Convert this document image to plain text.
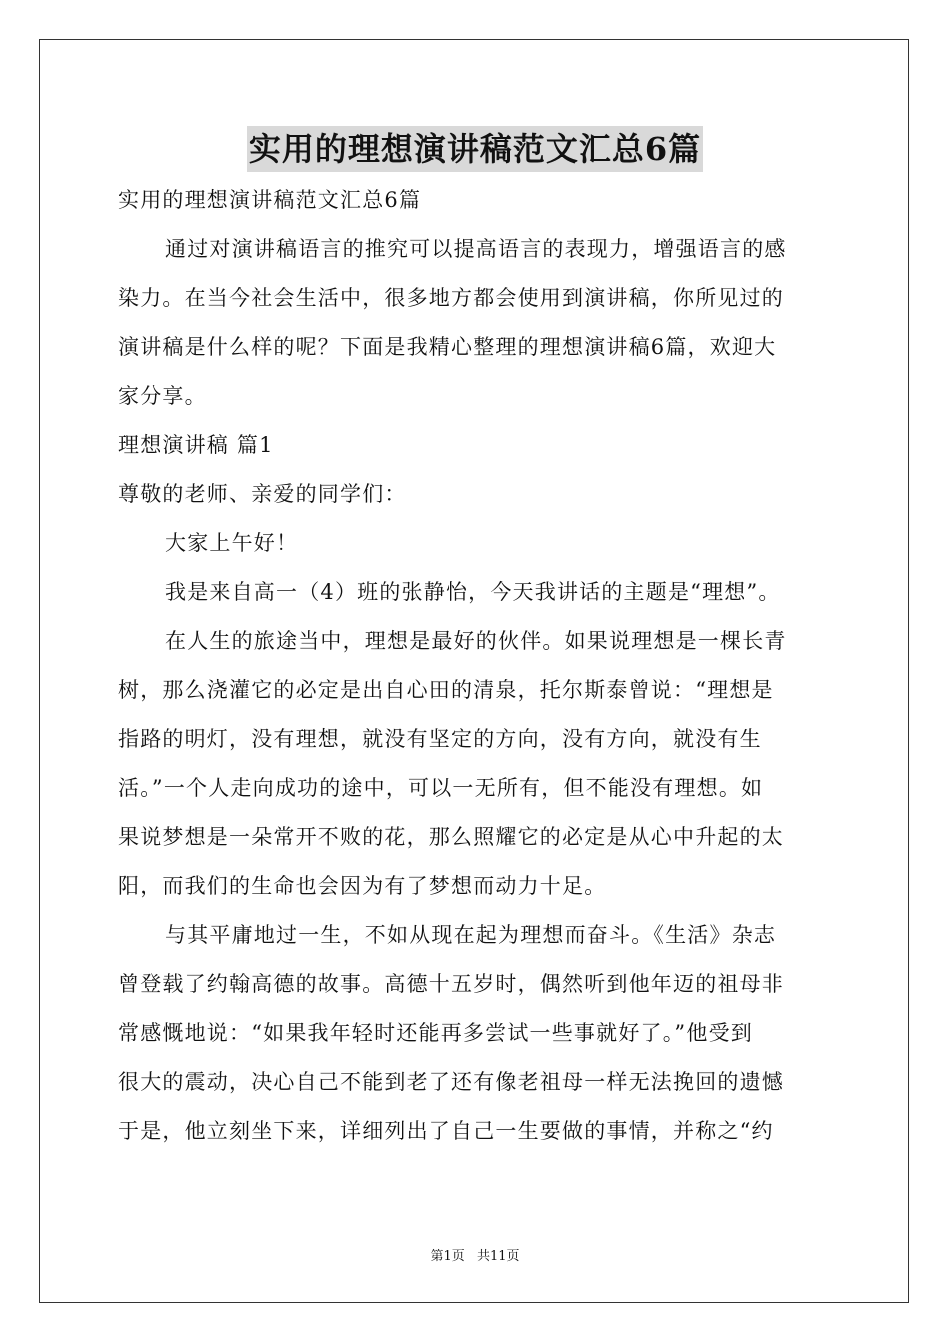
实用的理想演讲稿范文汇总6篇
实用的理想演讲稿范文汇总6篇
通过对演讲稿语言的推究可以提高语言的表现力，增强语言的感
染力。在当今社会生活中，很多地方都会使用到演讲稿，你所见过的
演讲稿是什么样的呢？下面是我精心整理的理想演讲稿6篇，欢迎大
家分享。
理想演讲稿 篇1
尊敬的老师、亲爱的同学们：
大家上午好！
我是来自高一（4）班的张静怡，今天我讲话的主题是“理想”。
在人生的旅途当中，理想是最好的伙伴。如果说理想是一棵长青
树，那么浇灌它的必定是出自心田的清泉，托尔斯泰曾说：“理想是
指路的明灯，没有理想，就没有坚定的方向，没有方向，就没有生
活。”一个人走向成功的途中，可以一无所有，但不能没有理想。如
果说梦想是一朵常开不败的花，那么照耀它的必定是从心中升起的太
阳，而我们的生命也会因为有了梦想而动力十足。
与其平庸地过一生，不如从现在起为理想而奋斗。《生活》杂志
曾登载了约翰高德的故事。高德十五岁时，偶然听到他年迈的祖母非
常感慨地说：“如果我年轻时还能再多尝试一些事就好了。”他受到
很大的震动，决心自己不能到老了还有像老祖母一样无法挽回的遗憾
于是，他立刻坐下来，详细列出了自己一生要做的事情，并称之“约
第1页 共11页
